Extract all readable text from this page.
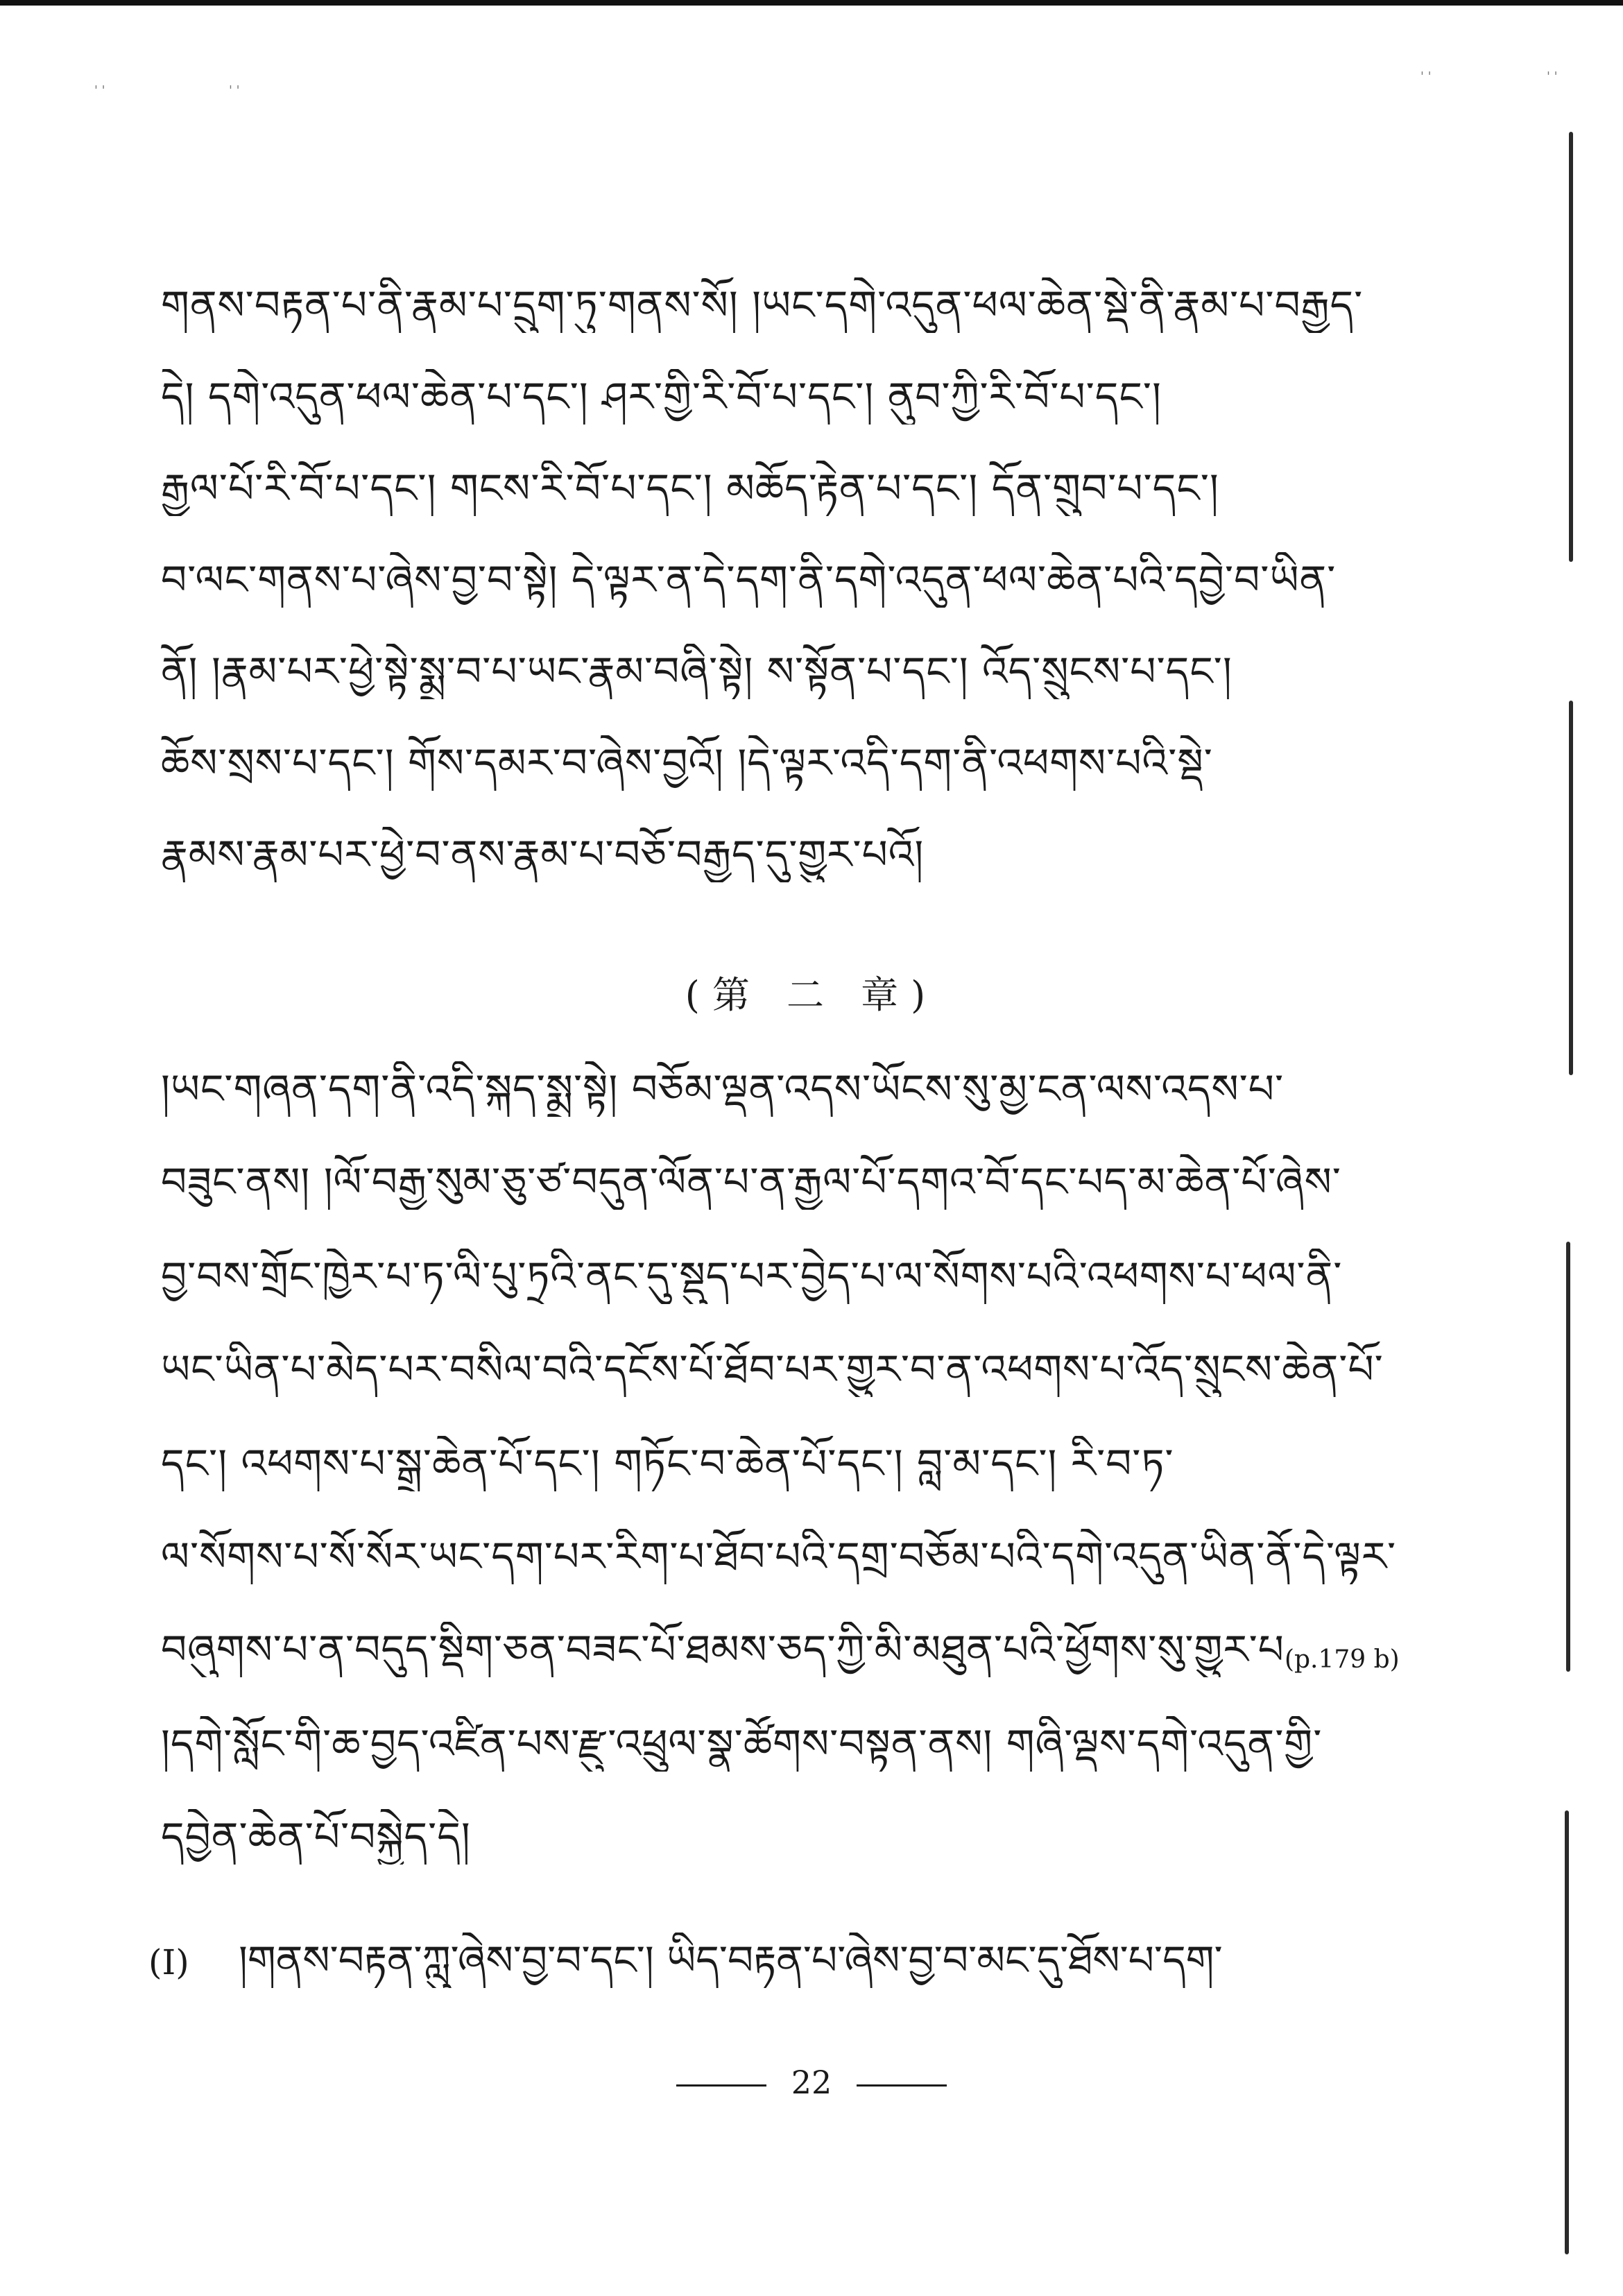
' '	' '
' '	' '
གནས་བརྟན་པ་ནི་རྣམ་པ་དྲུག་ཏུ་གནས་སོ། །ཡང་དགེ་འདུན་ཕལ་ཆེན་སྡེ་ནི་རྣམ་པ་བརྒྱད་
དེ། དགེ་འདུན་ཕལ་ཆེན་པ་དང་། ཤར་གྱི་རི་བོ་པ་དང་། ནུབ་ཀྱི་རི་བོ་པ་དང་།
རྒྱལ་པོ་རི་བོ་པ་དང་། གངས་རི་བོ་པ་དང་། མཆོད་རྟེན་པ་དང་། དོན་གྲུབ་པ་དང་།
བ་ལང་གནས་པ་ཞེས་བྱ་བ་སྟེ། དེ་ལྟར་ན་དེ་དག་ནི་དགེ་འདུན་ཕལ་ཆེན་པའི་དབྱེ་བ་ཡིན་
ནོ། །རྣམ་པར་ཕྱེ་སྟེ་སྨྲ་བ་པ་ཡང་རྣམ་བཞི་སྟེ། ས་སྟོན་པ་དང་། འོད་སྲུངས་པ་དང་།
ཆོས་སྲས་པ་དང་། གོས་དམར་བ་ཞེས་བྱའོ། །དེ་ལྟར་འདི་དག་ནི་འཕགས་པའི་སྡེ་
རྣམས་རྣམ་པར་ཕྱེ་བ་ནས་རྣམ་པ་བཅོ་བརྒྱད་དུ་གྱུར་པའོ།
(第 二 章)
།ཡང་གཞན་དག་ནི་འདི་སྐད་སྨྲ་སྟེ། བཅོམ་ལྡན་འདས་ཡོངས་སུ་མྱ་ངན་ལས་འདས་པ་
བཟུང་ནས། །ལོ་བརྒྱ་སུམ་ཅུ་ཙ་བདུན་ལོན་པ་ན་རྒྱལ་པོ་དགའ་བོ་དང་པད་མ་ཆེན་པོ་ཞེས་
བྱ་བས་གྲོང་ཁྱེར་པ་ཏ་ལི་པུ་ཏྲའི་ནང་དུ་སྡུད་པར་བྱེད་པ་ལ་སོགས་པའི་འཕགས་པ་ཕལ་ནི་
ཡང་ཡིན་པ་མེད་པར་བསིལ་བའི་དངོས་པོ་ཐོབ་པར་གྱུར་བ་ན་འཕགས་པ་འོད་སྲུངས་ཆེན་པོ་
དང་། འཕགས་པ་སྒྲ་ཆེན་པོ་དང་། གཏོང་བ་ཆེན་པོ་དང་། བླ་མ་དང་། རི་བ་ཏ་
ལ་སོགས་པ་སོ་སོར་ཡང་དག་པར་རིག་པ་ཐོབ་པའི་དགྲ་བཅོམ་པའི་དགེ་འདུན་ཡིན་ནོ་དེ་ལྟར་
བཞུགས་པ་ན་བདུད་སྡིག་ཅན་བཟང་པོ་ཐམས་ཅད་ཀྱི་མི་མཐུན་པའི་ཕྱོགས་སུ་གྱུར་པ(p.179 b)
།དགེ་སློང་གི་ཆ་བྱད་འཛིན་པས་རྫུ་འཕྲུལ་སྣ་ཚོགས་བསྟན་ནས། གཞི་ལྡས་དགེ་འདུན་གྱི་
དབྱེན་ཆེན་པོ་བསྐྱེད་དེ།
(I) །གནས་བརྟན་ཀླུ་ཞེས་བྱ་བ་དང་། ཡིད་བརྟན་པ་ཞེས་བྱ་བ་མང་དུ་ཐོས་པ་དག་
22
